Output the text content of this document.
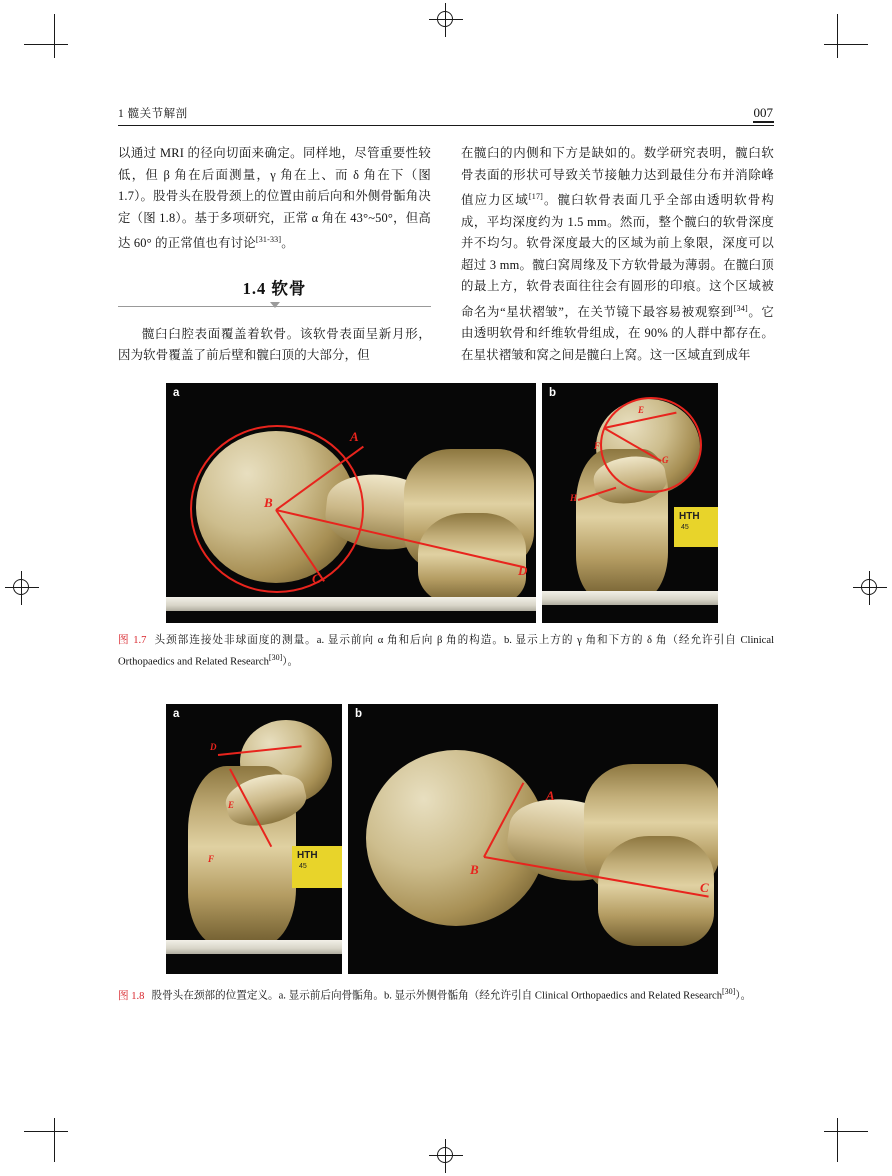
1 髋关节解剖	007

以通过 MRI 的径向切面来确定。同样地，尽管重要性较低，但 β 角在后面测量，γ 角在上、而 δ 角在下（图 1.7）。股骨头在股骨颈上的位置由前后向和外侧骨骺角决定（图 1.8）。基于多项研究，正常 α 角在 43°~50°，但高达 60° 的正常值也有讨论[31-33]。

1.4 软骨

髋臼臼腔表面覆盖着软骨。该软骨表面呈新月形，因为软骨覆盖了前后壁和髋臼顶的大部分，但

在髋臼的内侧和下方是缺如的。数学研究表明，髋臼软骨表面的形状可导致关节接触力达到最佳分布并消除峰值应力区域[17]。髋臼软骨表面几乎全部由透明软骨构成，平均深度约为 1.5 mm。然而，整个髋臼的软骨深度并不均匀。软骨深度最大的区域为前上象限，深度可以超过 3 mm。髋臼窝周缘及下方软骨最为薄弱。在髋臼顶的最上方，软骨表面往往会有圆形的印痕。这个区域被命名为“星状褶皱”，在关节镜下最容易被观察到[34]。它由透明软骨和纤维软骨组成，在 90% 的人群中都存在。在星状褶皱和窝之间是髋臼上窝。这一区域直到成年

a
A
B
C
D
b
HTH
45
E
F
G
H
图 1.7 头颈部连接处非球面度的测量。a. 显示前向 α 角和后向 β 角的构造。b. 显示上方的 γ 角和下方的 δ 角（经允许引自 Clinical Orthopaedics and Related Research[30]）。
a
HTH
45
D
E
F
b
A
B
C
图 1.8 股骨头在颈部的位置定义。a. 显示前后向骨骺角。b. 显示外侧骨骺角（经允许引自 Clinical Orthopaedics and Related Research[30]）。
